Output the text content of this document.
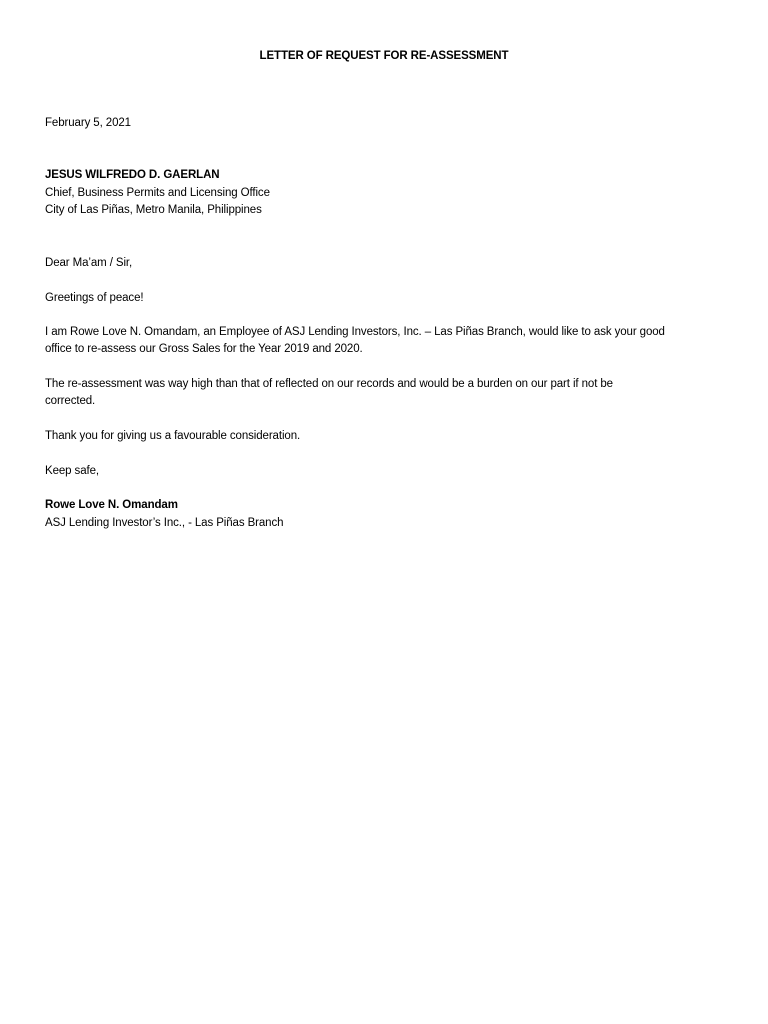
LETTER OF REQUEST FOR RE-ASSESSMENT
February 5, 2021
JESUS WILFREDO D. GAERLAN
Chief, Business Permits and Licensing Office
City of Las Piñas, Metro Manila, Philippines
Dear Ma’am / Sir,
Greetings of peace!
I am Rowe Love N. Omandam, an Employee of ASJ Lending Investors, Inc. – Las Piñas Branch, would like to ask your good
office to re-assess our Gross Sales for the Year 2019 and 2020.
The re-assessment was way high than that of reflected on our records and would be a burden on our part if not be
corrected.
Thank you for giving us a favourable consideration.
Keep safe,
Rowe Love N. Omandam
ASJ Lending Investor’s Inc., - Las Piñas Branch
